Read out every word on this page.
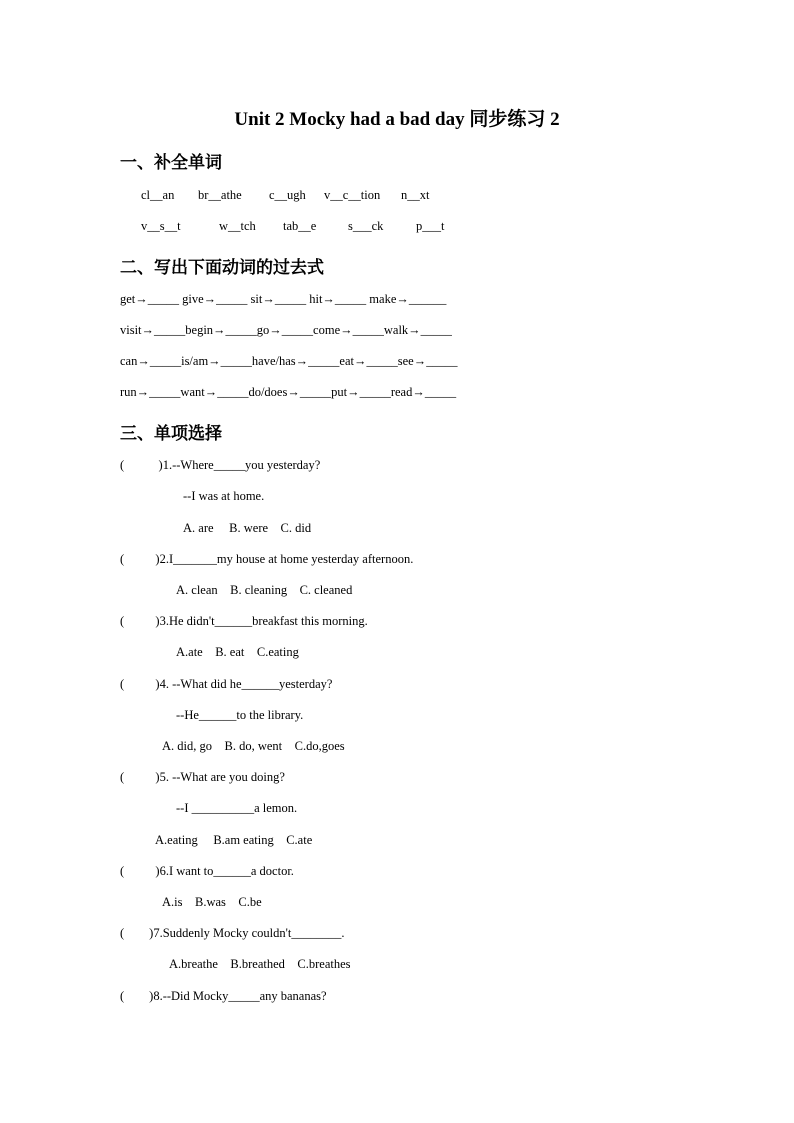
Unit 2 Mocky had a bad day 同步练习 2
一、补全单词
cl__an br__athe c__ugh v__c__tion n__xt
v__s__t	w__tch tab__e	s___ck	p___t
二、写出下面动词的过去式
get→_____ give→_____ sit→_____ hit→_____ make→______
visit→_____begin→_____go→_____come→_____walk→_____
can→_____is/am→_____have/has→_____eat→_____see→_____
run→_____want→_____do/does→_____put→_____read→_____
三、单项选择
(           )1.--Where_____you yesterday?
--I was at home.
A. are     B. were    C. did
(          )2.I_______my house at home yesterday afternoon.
A. clean    B. cleaning    C. cleaned
(          )3.He didn't______breakfast this morning.
A.ate    B. eat    C.eating
(          )4. --What did he______yesterday?
--He______to the library.
A. did, go    B. do, went    C.do,goes
(          )5. --What are you doing?
--I __________a lemon.
A.eating     B.am eating    C.ate
(          )6.I want to______a doctor.
A.is    B.was    C.be
(        )7.Suddenly Mocky couldn't________.
A.breathe    B.breathed    C.breathes
(        )8.--Did Mocky_____any bananas?
